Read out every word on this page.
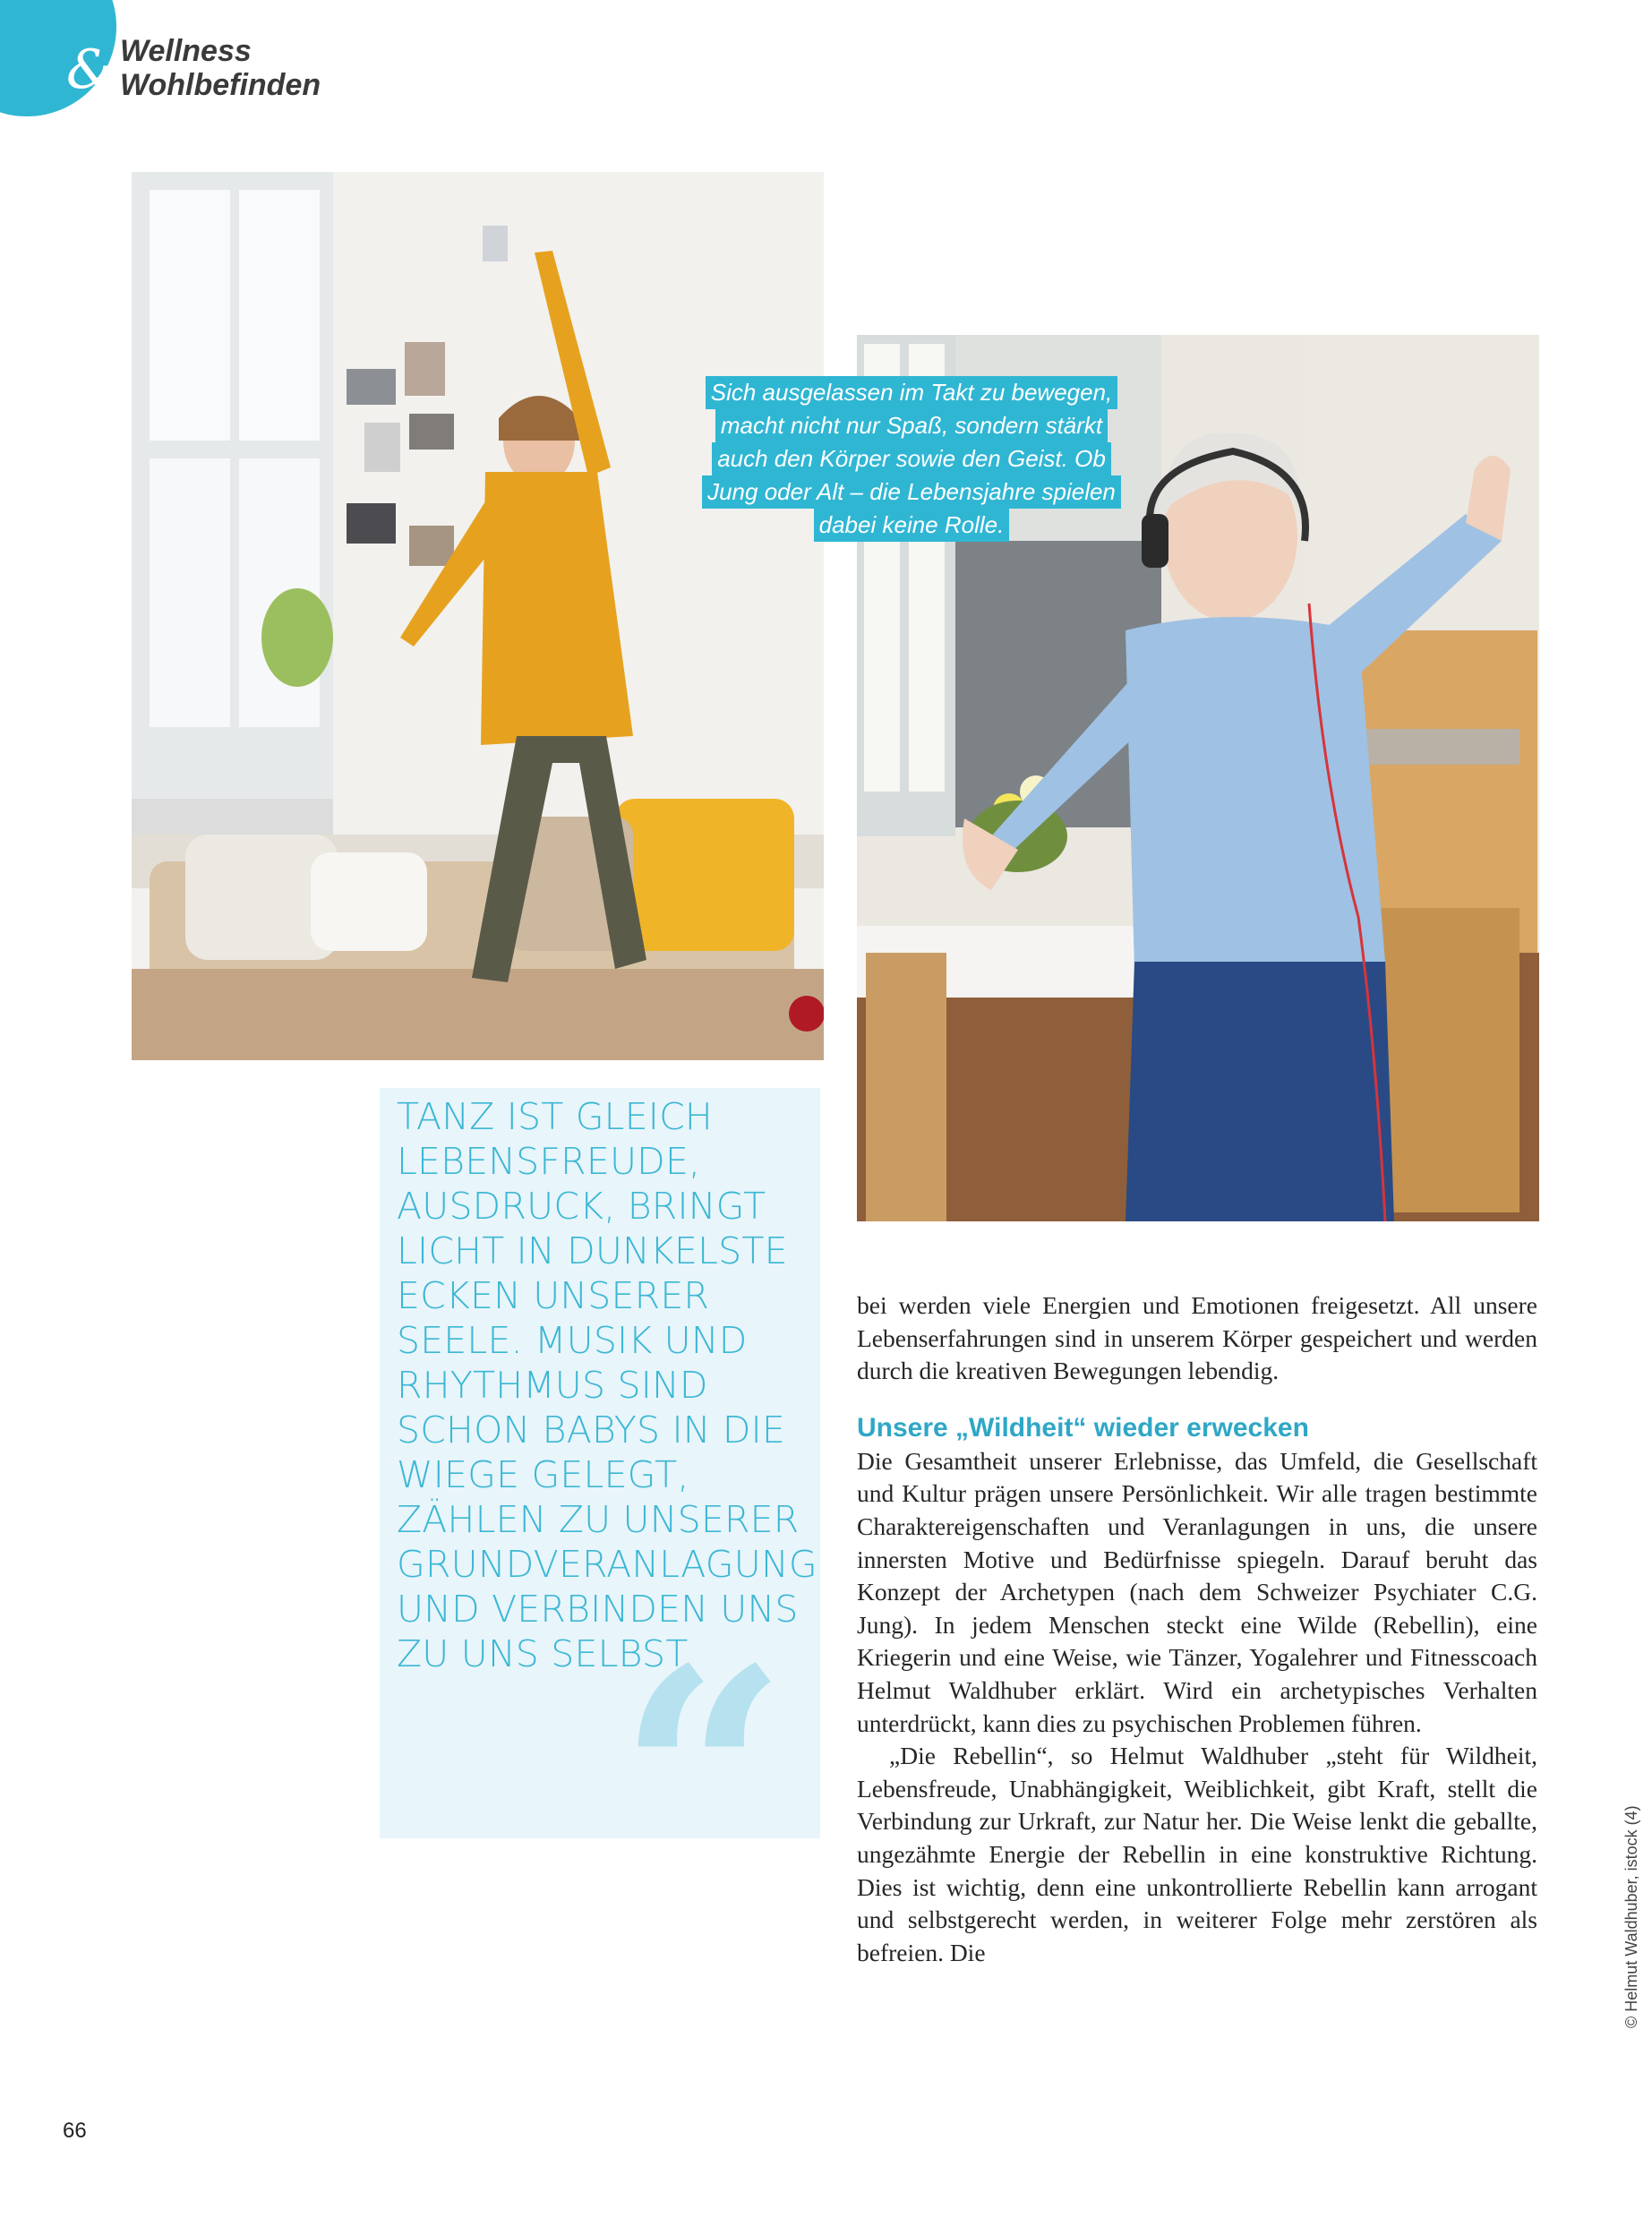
& Wellness
Wohlbefinden
Sich ausgelassen im Takt zu bewegen,
macht nicht nur Spaß, sondern stärkt
auch den Körper sowie den Geist. Ob
Jung oder Alt – die Lebensjahre spielen
dabei keine Rolle.
TANZ IST GLEICH LEBENSFREUDE, AUSDRUCK, BRINGT LICHT IN DUNKELSTE ECKEN UNSERER SEELE. MUSIK UND RHYTHMUS SIND SCHON BABYS IN DIE WIEGE GELEGT, ZÄHLEN ZU UNSERER GRUNDVERANLAGUNG UND VERBINDEN UNS ZU UNS SELBST.
“

bei werden viele Energien und Emotionen freigesetzt. All unsere Lebenserfahrungen sind in unserem Körper gespeichert und werden durch die kreativen Bewegungen lebendig.

Unsere „Wildheit“ wieder erwecken

Die Gesamtheit unserer Erlebnisse, das Umfeld, die Gesellschaft und Kultur prägen unsere Persönlichkeit. Wir alle tragen bestimmte Charaktereigenschaften und Veranlagungen in uns, die unsere innersten Motive und Bedürfnisse spiegeln. Darauf beruht das Konzept der Archetypen (nach dem Schweizer Psychiater C.G. Jung). In jedem Menschen steckt eine Wilde (Rebellin), eine Kriegerin und eine Weise, wie Tänzer, Yogalehrer und Fitnesscoach Helmut Waldhuber erklärt. Wird ein archetypisches Verhalten unterdrückt, kann dies zu psychischen Problemen führen.

„Die Rebellin“, so Helmut Waldhuber „steht für Wildheit, Lebensfreude, Unabhängigkeit, Weiblichkeit, gibt Kraft, stellt die Verbindung zur Urkraft, zur Natur her. Die Weise lenkt die geballte, ungezähmte Energie der Rebellin in eine konstruktive Richtung. Dies ist wichtig, denn eine unkontrollierte Rebellin kann arrogant und selbstgerecht werden, in weiterer Folge mehr zerstören als befreien. Die

66
© Helmut Waldhuber, istock (4)
